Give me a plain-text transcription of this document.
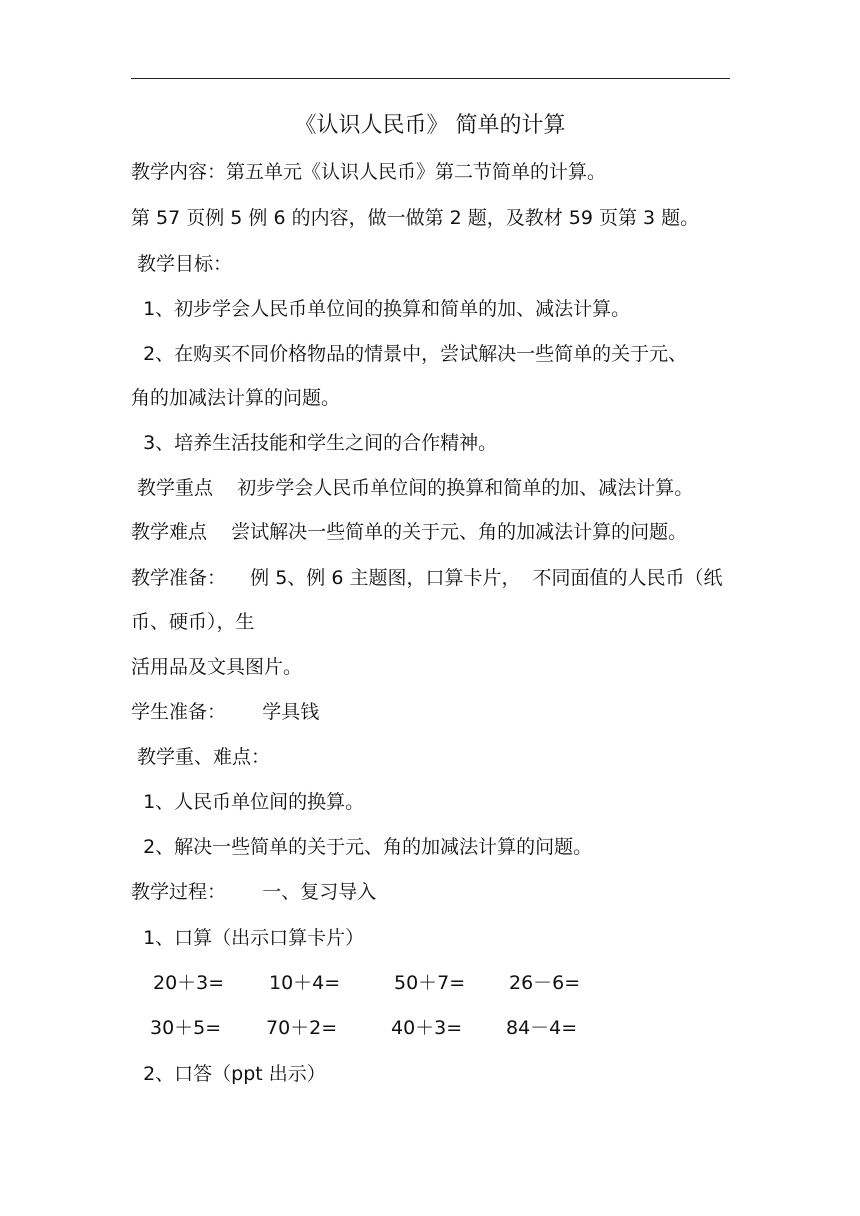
《认识人民币》 简单的计算
教学内容：第五单元《认识人民币》第二节简单的计算。
第 57 页例 5 例 6 的内容，做一做第 2 题，及教材 59 页第 3 题。
教学目标：
1、初步学会人民币单位间的换算和简单的加、减法计算。
2、在购买不同价格物品的情景中，尝试解决一些简单的关于元、
角的加减法计算的问题。
3、培养生活技能和学生之间的合作精神。
教学重点    初步学会人民币单位间的换算和简单的加、减法计算。
教学难点    尝试解决一些简单的关于元、角的加减法计算的问题。
教学准备：    例 5、例 6 主题图，口算卡片，  不同面值的人民币（纸
币、硬币），生
活用品及文具图片。
学生准备：      学具钱
教学重、难点：
1、人民币单位间的换算。
2、解决一些简单的关于元、角的加减法计算的问题。
教学过程：      一、复习导入
1、口算（出示口算卡片）
20＋3= 10＋4=	50＋7= 26－6=
30＋5= 70＋2=	40＋3= 84－4=
2、口答（ppt 出示）
